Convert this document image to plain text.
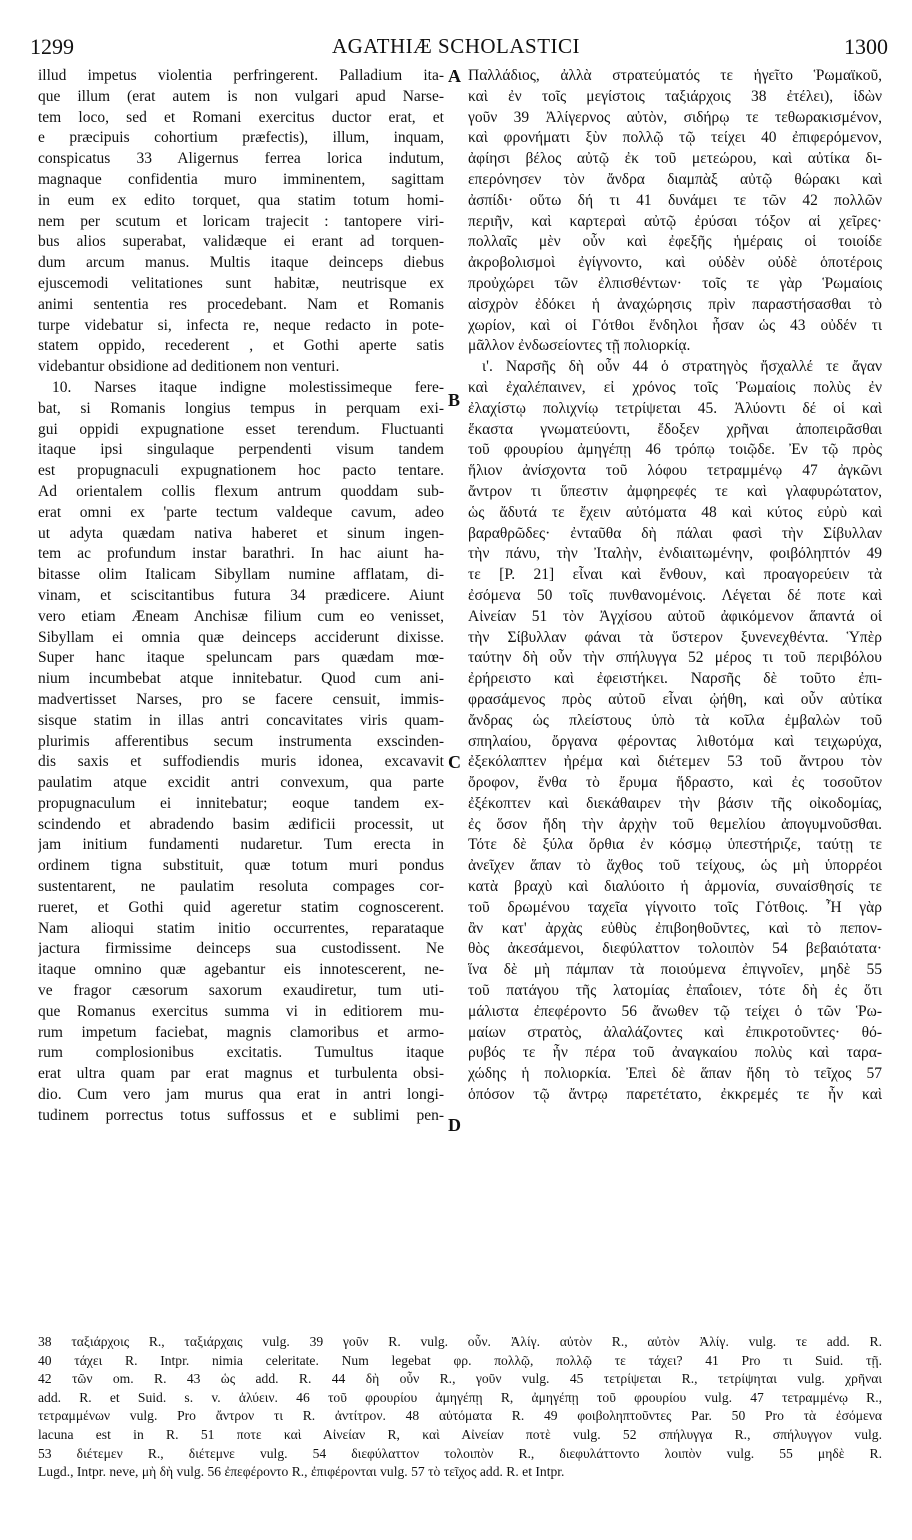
1299	AGATHIÆ SCHOLASTICI	1300
illud impetus violentia perfringerent. Palladium ita-
que illum (erat autem is non vulgari apud Narse-
tem loco, sed et Romani exercitus ductor erat, et
e præcipuis cohortium præfectis), illum, inquam,
conspicatus 33 Aligernus ferrea lorica indutum,
magnaque confidentia muro imminentem, sagittam
in eum ex edito torquet, qua statim totum homi-
nem per scutum et loricam trajecit : tantopere viri-
bus alios superabat, validæque ei erant ad torquen-
dum arcum manus. Multis itaque deinceps diebus
ejuscemodi velitationes sunt habitæ, neutrisque ex
animi sententia res procedebant. Nam et Romanis
turpe videbatur si, infecta re, neque redacto in pote-
statem oppido, recederent , et Gothi aperte satis
videbantur obsidione ad deditionem non venturi.
10. Narses itaque indigne molestissimeque fere-
bat, si Romanis longius tempus in perquam exi-
gui oppidi expugnatione esset terendum. Fluctuanti
itaque ipsi singulaque perpendenti visum tandem
est propugnaculi expugnationem hoc pacto tentare.
Ad orientalem collis flexum antrum quoddam sub-
erat omni ex 'parte tectum valdeque cavum, adeo
ut adyta quædam nativa haberet et sinum ingen-
tem ac profundum instar barathri. In hac aiunt ha-
bitasse olim Italicam Sibyllam numine afflatam, di-
vinam, et sciscitantibus futura 34 prædicere. Aiunt
vero etiam Æneam Anchisæ filium cum eo venisset,
Sibyllam ei omnia quæ deinceps acciderunt dixisse.
Super hanc itaque speluncam pars quædam mœ-
nium incumbebat atque innitebatur. Quod cum ani-
madvertisset Narses, pro se facere censuit, immis-
sisque statim in illas antri concavitates viris quam-
plurimis afferentibus secum instrumenta exscinden-
dis saxis et suffodiendis muris idonea, excavavit
paulatim atque excidit antri convexum, qua parte
propugnaculum ei innitebatur; eoque tandem ex-
scindendo et abradendo basim ædificii processit, ut
jam initium fundamenti nudaretur. Tum erecta in
ordinem tigna substituit, quæ totum muri pondus
sustentarent, ne paulatim resoluta compages cor-
rueret, et Gothi quid ageretur statim cognoscerent.
Nam alioqui statim initio occurrentes, reparataque
jactura firmissime deinceps sua custodissent. Ne
itaque omnino quæ agebantur eis innotescerent, ne-
ve fragor cæsorum saxorum exaudiretur, tum uti-
que Romanus exercitus summa vi in editiorem mu-
rum impetum faciebat, magnis clamoribus et armo-
rum complosionibus excitatis. Tumultus itaque
erat ultra quam par erat magnus et turbulenta obsi-
dio. Cum vero jam murus qua erat in antri longi-
tudinem porrectus totus suffossus et e sublimi pen-
Παλλάδιος, ἀλλὰ στρατεύματός τε ἡγεῖτο Ῥωμαϊκοῦ,
καὶ ἐν τοῖς μεγίστοις ταξιάρχοις 38 ἐτέλει), ἰδὼν
γοῦν 39 Ἀλίγερνος αὐτὸν, σιδήρῳ τε τεθωρακισμένον,
καὶ φρονήματι ξὺν πολλῷ τῷ τείχει 40 ἐπιφερόμενον,
ἀφίησι βέλος αὐτῷ ἐκ τοῦ μετεώρου, καὶ αὐτίκα δι-
επερόνησεν τὸν ἄνδρα διαμπὰξ αὐτῷ θώρακι καὶ
ἀσπίδι· οὕτω δή τι 41 δυνάμει τε τῶν 42 πολλῶν
περιῆν, καὶ καρτεραὶ αὐτῷ ἐρύσαι τόξον αἱ χεῖρες·
πολλαῖς μὲν οὖν καὶ ἐφεξῆς ἡμέραις οἱ τοιοίδε
ἀκροβολισμοὶ ἐγίγνοντο, καὶ οὐδὲν οὐδὲ ὁποτέροις
προὐχώρει τῶν ἐλπισθέντων· τοῖς τε γὰρ Ῥωμαίοις
αἰσχρὸν ἐδόκει ἡ ἀναχώρησις πρὶν παραστήσασθαι τὸ
χωρίον, καὶ οἱ Γότθοι ἔνδηλοι ἦσαν ὡς 43 οὐδέν τι
μᾶλλον ἐνδωσείοντες τῇ πολιορκίᾳ.
ι'. Ναρσῆς δὴ οὖν 44 ὁ στρατηγὸς ἤσχαλλέ τε ἄγαν
καὶ ἐχαλέπαινεν, εἰ χρόνος τοῖς Ῥωμαίοις πολὺς ἐν
ἐλαχίστῳ πολιχνίῳ τετρίψεται 45. Ἀλύοντι δέ οἱ καὶ
ἕκαστα γνωματεύοντι, ἔδοξεν χρῆναι ἀποπειρᾶσθαι
τοῦ φρουρίου ἀμηγέπῃ 46 τρόπῳ τοιῷδε. Ἐν τῷ πρὸς
ἥλιον ἀνίσχοντα τοῦ λόφου τετραμμένῳ 47 ἀγκῶνι
ἄντρον τι ὕπεστιν ἀμφηρεφές τε καὶ γλαφυρώτατον,
ὡς ἄδυτά τε ἔχειν αὐτόματα 48 καὶ κύτος εὐρὺ καὶ
βαραθρῶδες· ἐνταῦθα δὴ πάλαι φασὶ τὴν Σίβυλλαν
τὴν πάνυ, τὴν Ἰταλὴν, ἐνδιαιτωμένην, φοιβόληπτόν 49
τε [P. 21] εἶναι καὶ ἔνθουν, καὶ προαγορεύειν τὰ
ἐσόμενα 50 τοῖς πυνθανομένοις. Λέγεται δέ ποτε καὶ
Αἰνείαν 51 τὸν Ἀγχίσου αὐτοῦ ἀφικόμενον ἅπαντά οἱ
τὴν Σίβυλλαν φάναι τὰ ὕστερον ξυνενεχθέντα. Ὑπὲρ
ταύτην δὴ οὖν τὴν σπήλυγγα 52 μέρος τι τοῦ περιβόλου
ἐρήρειστο καὶ ἐφειστήκει. Ναρσῆς δὲ τοῦτο ἐπι-
φρασάμενος πρὸς αὐτοῦ εἶναι ᾠήθη, καὶ οὖν αὐτίκα
ἄνδρας ὡς πλείστους ὑπὸ τὰ κοῖλα ἐμβαλὼν τοῦ
σπηλαίου, ὄργανα φέροντας λιθοτόμα καὶ τειχωρύχα,
ἐξεκόλαπτεν ἠρέμα καὶ διέτεμεν 53 τοῦ ἄντρου τὸν
ὄροφον, ἔνθα τὸ ἔρυμα ἥδραστο, καὶ ἐς τοσοῦτον
ἐξέκοπτεν καὶ διεκάθαιρεν τὴν βάσιν τῆς οἰκοδομίας,
ἐς ὅσον ἤδη τὴν ἀρχὴν τοῦ θεμελίου ἀπογυμνοῦσθαι.
Τότε δὲ ξύλα ὄρθια ἐν κόσμῳ ὑπεστήριζε, ταύτῃ τε
ἀνεῖχεν ἅπαν τὸ ἄχθος τοῦ τείχους, ὡς μὴ ὑπορρέοι
κατὰ βραχὺ καὶ διαλύοιτο ἡ ἁρμονία, συναίσθησίς τε
τοῦ δρωμένου ταχεῖα γίγνοιτο τοῖς Γότθοις. Ἦ γὰρ
ἂν κατ' ἀρχὰς εὐθὺς ἐπιβοηθοῦντες, καὶ τὸ πεπον-
θὸς ἀκεσάμενοι, διεφύλαττον τολοιπὸν 54 βεβαιότατα·
ἵνα δὲ μὴ πάμπαν τὰ ποιούμενα ἐπιγνοῖεν, μηδὲ 55
τοῦ πατάγου τῆς λατομίας ἐπαΐοιεν, τότε δὴ ἐς ὅτι
μάλιστα ἐπεφέροντο 56 ἄνωθεν τῷ τείχει ὁ τῶν Ῥω-
μαίων στρατὸς, ἀλαλάζοντες καὶ ἐπικροτοῦντες· θό-
ρυβός τε ἦν πέρα τοῦ ἀναγκαίου πολὺς καὶ ταρα-
χώδης ἡ πολιορκία. Ἐπεὶ δὲ ἅπαν ἤδη τὸ τεῖχος 57
ὁπόσον τῷ ἄντρῳ παρετέτατο, ἐκκρεμές τε ἦν καὶ
A
B
C
D
38 ταξιάρχοις R., ταξιάρχαις vulg. 39 γοῦν R. vulg. οὖν. Ἀλίγ. αὐτὸν R., αὐτὸν Ἀλίγ. vulg. τε add. R.
40 τάχει R. Intpr. nimia celeritate. Num legebat φρ. πολλῷ, πολλῷ τε τάχει? 41 Pro τι Suid. τῇ.
42 τῶν om. R. 43 ὡς add. R. 44 δὴ οὖν R., γοῦν vulg. 45 τετρίψεται R., τετρίψηται vulg. χρῆναι
add. R. et Suid. s. v. ἀλύειν. 46 τοῦ φρουρίου ἀμηγέπῃ R, ἀμηγέπῃ τοῦ φρουρίου vulg. 47 τετραμμένῳ R.,
τετραμμένων vulg. Pro ἄντρον τι R. ἀντίτρον. 48 αὐτόματα R. 49 φοιβοληπτοῦντες Par. 50 Pro τὰ ἐσόμενα
lacuna est in R. 51 ποτε καὶ Αἰνείαν R, καὶ Αἰνείαν ποτὲ vulg. 52 σπήλυγγα R., σπήλυγγον vulg.
53 διέτεμεν R., διέτεμνε vulg. 54 διεφύλαττον τολοιπὸν R., διεφυλάττοντο λοιπὸν vulg. 55 μηδὲ R.
Lugd., Intpr. neve, μὴ δὴ vulg. 56 ἐπεφέροντο R., ἐπιφέρονται vulg. 57 τὸ τεῖχος add. R. et Intpr.
